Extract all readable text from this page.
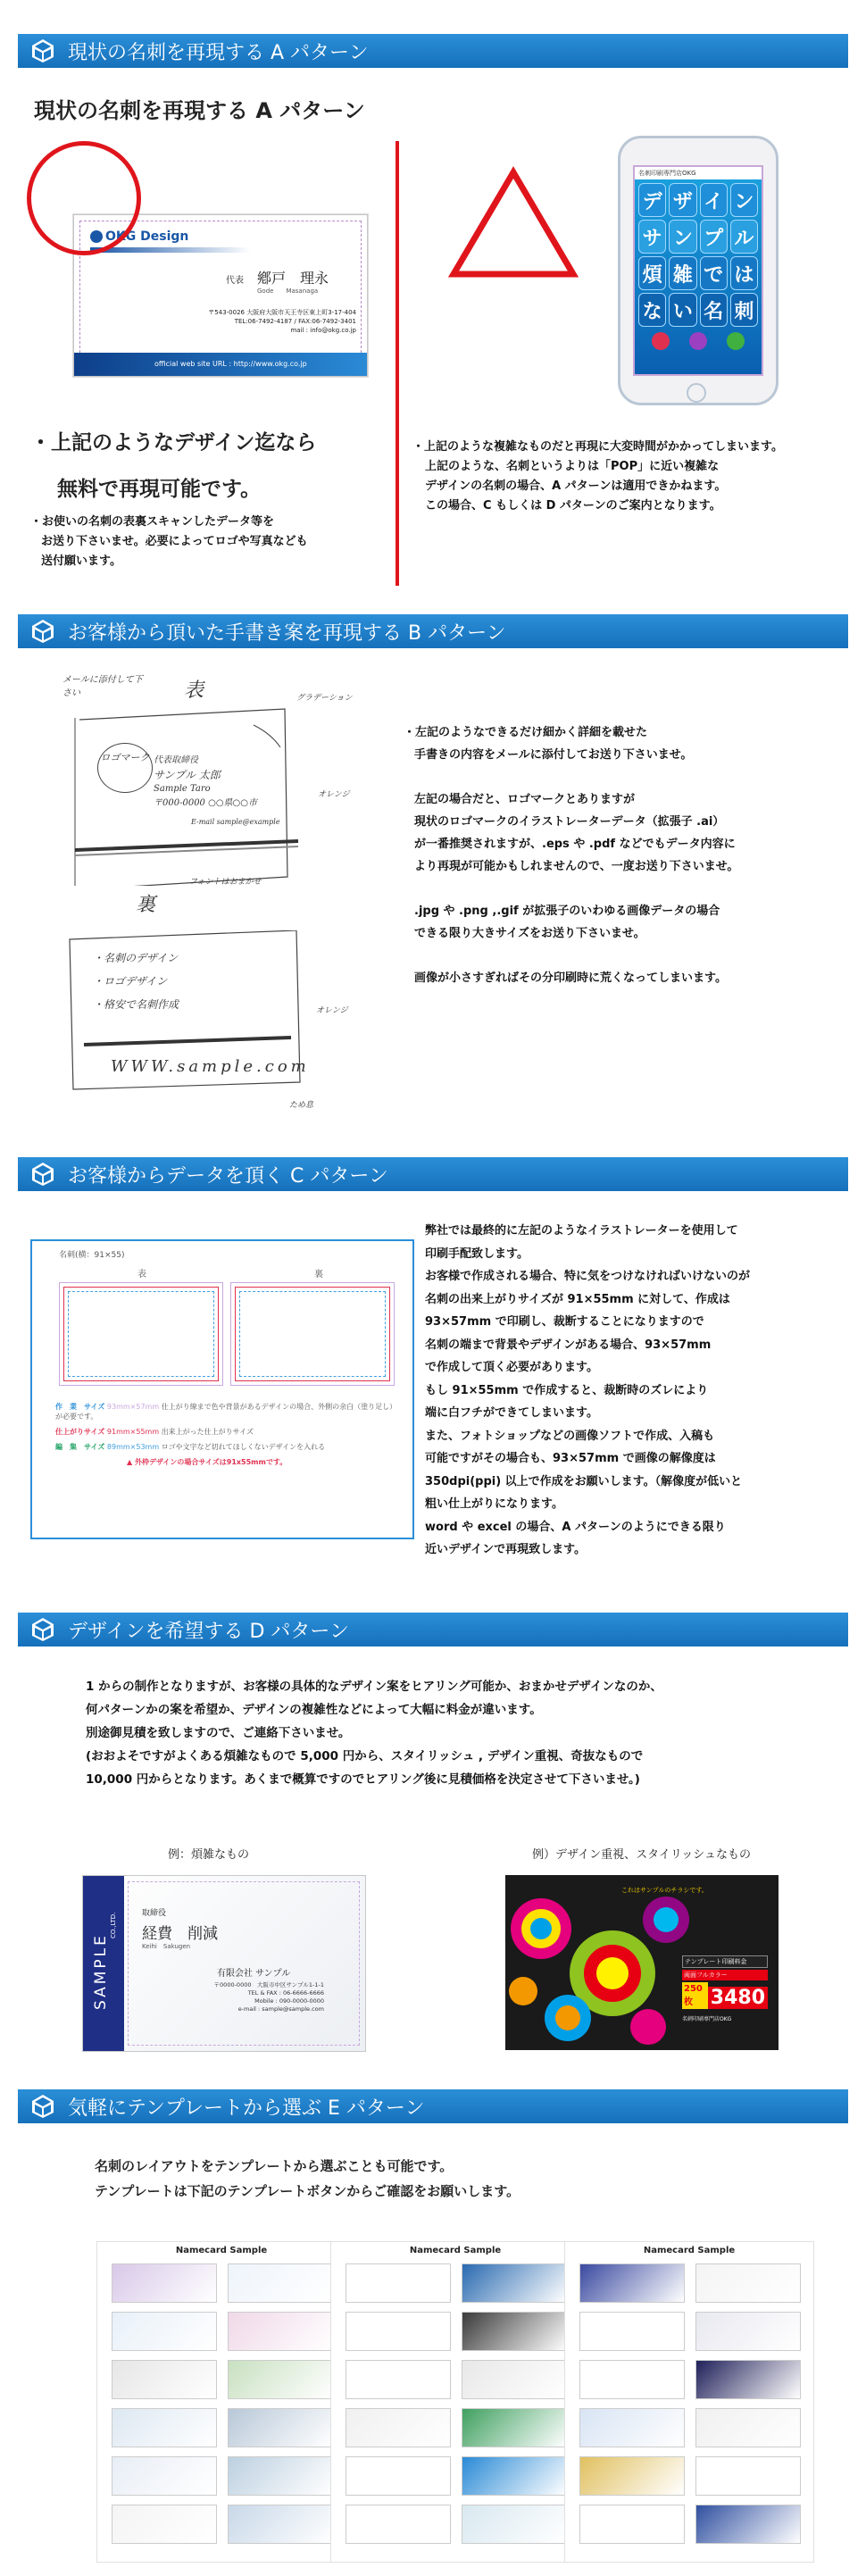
現状の名刺を再現する A パターン
現状の名刺を再現する A パターン
OKG Design
代表 鄕戸　理永
Gode　　Masanaga
〒543-0026 大阪府大阪市天王寺区東上町3-17-404
TEL:06-7492-4187 / FAX:06-7492-3401
mail : info@okg.co.jp
official web site URL : http://www.okg.co.jp
・上記のようなデザイン迄なら
無料で再現可能です。
・お使いの名刺の表裏スキャンしたデータ等を
お送り下さいませ。必要によってロゴや写真なども
送付願います。
名刺印刷専門店OKG
デ ザ イ ン
サ ン プ ル
煩 雑 で は
な い 名 刺
・上記のような複雑なものだと再現に大変時間がかかってしまいます。
上記のような、名刺というよりは「POP」に近い複雑な
デザインの名刺の場合、A パターンは適用できかねます。
この場合、C もしくは D パターンのご案内となります。
お客様から頂いた手書き案を再現する B パターン
メールに添付して下さい	表	グラデーション
ロゴマーク 代表取締役
サンプル 太郎
Sample Taro
〒000-0000 ○○県○○市
オレンジ
E-mail sample@example
フォントはおまかせ
裏
・名刺のデザイン
・ロゴデザイン
・格安で名刺作成	オレンジ
WWW.sample.com
ため息
・左記のようなできるだけ細かく詳細を載せた
手書きの内容をメールに添付してお送り下さいませ。
左記の場合だと、ロゴマークとありますが
現状のロゴマークのイラストレーターデータ（拡張子 .ai）
が一番推奨されますが、.eps や .pdf などでもデータ内容に
より再現が可能かもしれませんので、一度お送り下さいませ。
.jpg や .png ,.gif が拡張子のいわゆる画像データの場合
できる限り大きサイズをお送り下さいませ。
画像が小さすぎればその分印刷時に荒くなってしまいます。
お客様からデータを頂く C パターン
名刺(横：91×55)
表	裏
作　業　サイズ 93mm×57mm 仕上がり線まで色や背景があるデザインの場合、外側の余白（塗り足し）が必要です。
仕上がりサイズ 91mm×55mm 出来上がった仕上がりサイズ
編　集　サイズ 89mm×53mm ロゴや文字など切れてほしくないデザインを入れる
▲ 外枠デザインの場合サイズは91x55mmです。
弊社では最終的に左記のようなイラストレーターを使用して
印刷手配致します。
お客様で作成される場合、特に気をつけなければいけないのが
名刺の出来上がりサイズが 91×55mm に対して、作成は
93×57mm で印刷し、裁断することになりますので
名刺の端まで背景やデザインがある場合、93×57mm
で作成して頂く必要があります。
もし 91×55mm で作成すると、裁断時のズレにより
端に白フチができてしまいます。
また、フォトショップなどの画像ソフトで作成、入稿も
可能ですがその場合も、93×57mm で画像の解像度は
350dpi(ppi) 以上で作成をお願いします。（解像度が低いと
粗い仕上がりになります。
word や excel の場合、A パターンのようにできる限り
近いデザインで再現致します。
デザインを希望する D パターン
1 からの制作となりますが、お客様の具体的なデザイン案をヒアリング可能か、おまかせデザインなのか、
何パターンかの案を希望か、デザインの複雑性などによって大幅に料金が違います。
別途御見積を致しますので、ご連絡下さいませ。
(おおよそですがよくある煩雑なもので 5,000 円から、スタイリッシュ , デザイン重視、奇抜なもので
10,000 円からとなります。あくまで概算ですのでヒアリング後に見積価格を決定させて下さいませ。)
例：煩雑なもの	例）デザイン重視、スタイリッシュなもの
SAMPLE
CO.,LTD.	取締役
経費　削減
Keihi　Sakugen
有限会社 サンプル
〒0000-0000　大阪市中区サンプル1-1-1
TEL & FAX : 06-6666-6666
Mobile : 090-0000-0000
e-mail : sample@sample.com
これはサンプルのチラシです。
テンプレート印刷料金
両面フルカラー
250枚 3480
名刺印刷専門店OKG
気軽にテンプレートから選ぶ E パターン
名刺のレイアウトをテンプレートから選ぶことも可能です。
テンプレートは下記のテンプレートボタンからご確認をお願いします。
Namecard Sample	Namecard Sample	Namecard Sample
